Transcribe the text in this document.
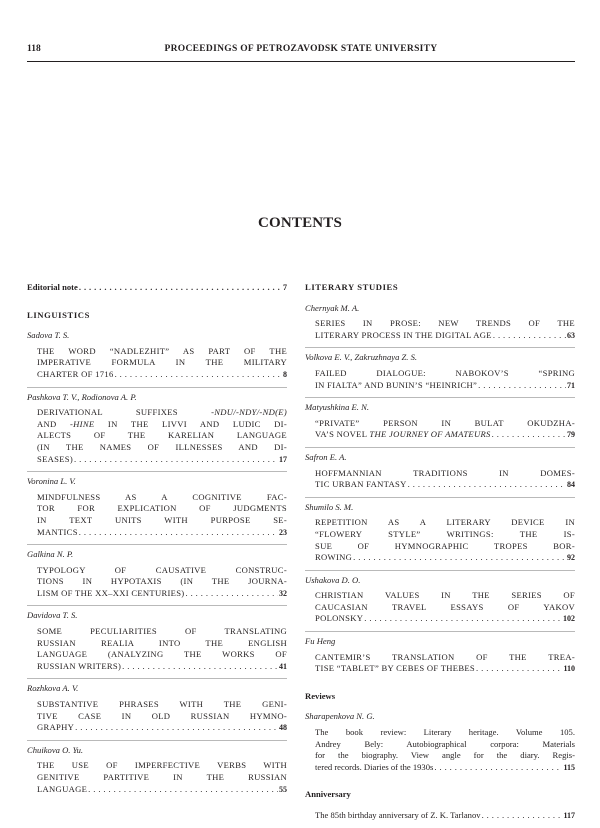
118	PROCEEDINGS OF PETROZAVODSK STATE UNIVERSITY
CONTENTS
Editorial note . . .	7
LINGUISTICS
Sadova T. S.
THE WORD “NADLEZHIT” AS PART OF THE
IMPERATIVE FORMULA IN THE MILITARY
CHARTER OF 1716 . . .	8
Pashkova T. V., Rodionova A. P.
DERIVATIONAL SUFFIXES -NDU/-NDY/-ND(E)
AND -HINE IN THE LIVVI AND LUDIC DI-
ALECTS OF THE KARELIAN LANGUAGE
(IN THE NAMES OF ILLNESSES AND DI-
SEASES) . . .	17
Voronina L. V.
MINDFULNESS AS A COGNITIVE FAC-
TOR FOR EXPLICATION OF JUDGMENTS
IN TEXT UNITS WITH PURPOSE SE-
MANTICS . . .	23
Galkina N. P.
TYPOLOGY OF CAUSATIVE CONSTRUC-
TIONS IN HYPOTAXIS (IN THE JOURNA-
LISM OF THE XX–XXI CENTURIES) . . .	32
Davidova T. S.
SOME PECULIARITIES OF TRANSLATING
RUSSIAN REALIA INTO THE ENGLISH
LANGUAGE (ANALYZING THE WORKS OF
RUSSIAN WRITERS) . . .	41
Rozhkova A. V.
SUBSTANTIVE PHRASES WITH THE GENI-
TIVE CASE IN OLD RUSSIAN HYMNO-
GRAPHY . . .	48
Chuikova O. Yu.
THE USE OF IMPERFECTIVE VERBS WITH
GENITIVE PARTITIVE IN THE RUSSIAN
LANGUAGE . . .	55
LITERARY STUDIES
Chernyak M. A.
SERIES IN PROSE: NEW TRENDS OF THE
LITERARY PROCESS IN THE DIGITAL AGE . . .	63
Volkova E. V., Zakruzhnaya Z. S.
FAILED DIALOGUE: NABOKOV’S “SPRING
IN FIALTA” AND BUNIN’S “HEINRICH” . . .	71
Matyushkina E. N.
“PRIVATE” PERSON IN BULAT OKUDZHA-
VA’S NOVEL THE JOURNEY OF AMATEURS . . .	79
Safron E. A.
HOFFMANNIAN TRADITIONS IN DOMES-
TIC URBAN FANTASY . . .	84
Shumilo S. M.
REPETITION AS A LITERARY DEVICE IN
“FLOWERY STYLE” WRITINGS: THE IS-
SUE OF HYMNOGRAPHIC TROPES BOR-
ROWING . . .	92
Ushakova D. O.
CHRISTIAN VALUES IN THE SERIES OF
CAUCASIAN TRAVEL ESSAYS OF YAKOV
POLONSKY . . .	102
Fu Heng
CANTEMIR’S TRANSLATION OF THE TREA-
TISE “TABLET” BY CEBES OF THEBES . . .	110
Reviews
Sharapenkova N. G.
The book review: Literary heritage. Volume 105.
Andrey Bely: Autobiographical corpora: Materials
for the biography. View angle for the diary. Regis-
tered records. Diaries of the 1930s . . .	115
Anniversary
The 85th birthday anniversary of Z. K. Tarlanov . . .	117
